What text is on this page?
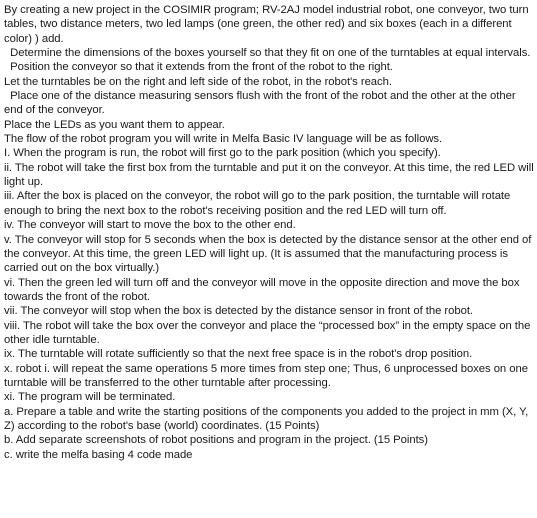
By creating a new project in the COSIMIR program; RV-2AJ model industrial robot, one conveyor, two turn tables, two distance meters, two led lamps (one green, the other red) and six boxes (each in a different color) ) add.

Determine the dimensions of the boxes yourself so that they fit on one of the turntables at equal intervals.

Position the conveyor so that it extends from the front of the robot to the right.

Let the turntables be on the right and left side of the robot, in the robot's reach.

Place one of the distance measuring sensors flush with the front of the robot and the other at the other end of the conveyor.

Place the LEDs as you want them to appear.

The flow of the robot program you will write in Melfa Basic IV language will be as follows.

I. When the program is run, the robot will first go to the park position (which you specify).

ii. The robot will take the first box from the turntable and put it on the conveyor. At this time, the red LED will light up.

iii. After the box is placed on the conveyor, the robot will go to the park position, the turntable will rotate enough to bring the next box to the robot's receiving position and the red LED will turn off.

iv. The conveyor will start to move the box to the other end.

v. The conveyor will stop for 5 seconds when the box is detected by the distance sensor at the other end of the conveyor. At this time, the green LED will light up. (It is assumed that the manufacturing process is carried out on the box virtually.)

vi. Then the green led will turn off and the conveyor will move in the opposite direction and move the box towards the front of the robot.

vii. The conveyor will stop when the box is detected by the distance sensor in front of the robot.

viii. The robot will take the box over the conveyor and place the “processed box” in the empty space on the other idle turntable.

ix. The turntable will rotate sufficiently so that the next free space is in the robot's drop position.

x. robot i. will repeat the same operations 5 more times from step one; Thus, 6 unprocessed boxes on one turntable will be transferred to the other turntable after processing.

xi. The program will be terminated.

a. Prepare a table and write the starting positions of the components you added to the project in mm (X, Y, Z) according to the robot's base (world) coordinates. (15 Points)

b. Add separate screenshots of robot positions and program in the project. (15 Points)

c. write the melfa basing 4 code made
